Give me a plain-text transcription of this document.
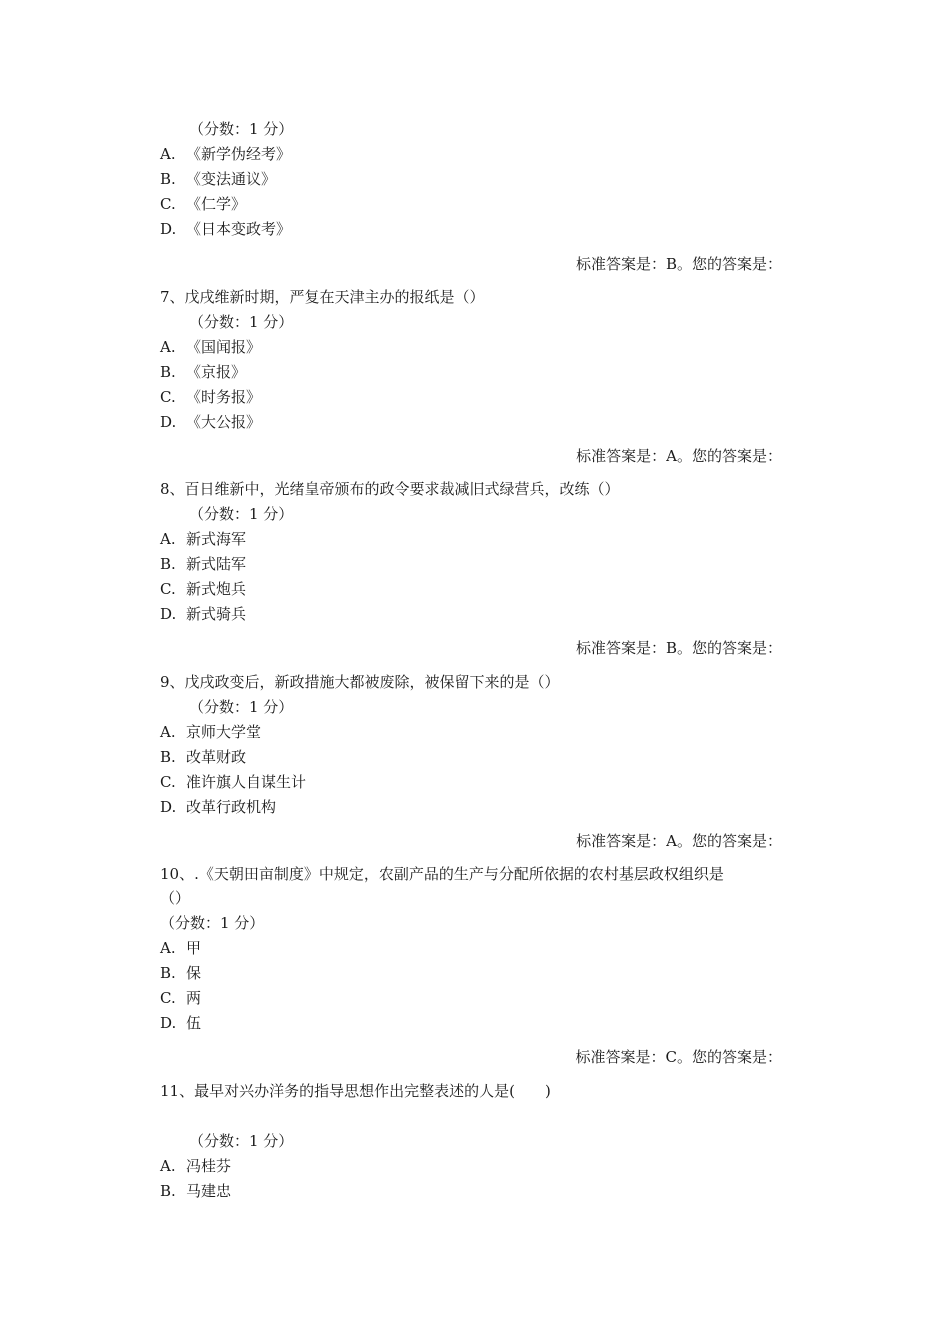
（分数：1 分）
A. 《新学伪经考》
B. 《变法通议》
C. 《仁学》
D. 《日本变政考》
标准答案是：B。您的答案是：
7、戊戌维新时期，严复在天津主办的报纸是（）
（分数：1 分）
A. 《国闻报》
B. 《京报》
C. 《时务报》
D. 《大公报》
标准答案是：A。您的答案是：
8、百日维新中，光绪皇帝颁布的政令要求裁减旧式绿营兵，改练（）
（分数：1 分）
A. 新式海军
B. 新式陆军
C. 新式炮兵
D. 新式骑兵
标准答案是：B。您的答案是：
9、戊戌政变后，新政措施大都被废除，被保留下来的是（）
（分数：1 分）
A. 京师大学堂
B. 改革财政
C. 准许旗人自谋生计
D. 改革行政机构
标准答案是：A。您的答案是：
10、.《天朝田亩制度》中规定，农副产品的生产与分配所依据的农村基层政权组织是
（）
（分数：1 分）
A. 甲
B. 保
C. 两
D. 伍
标准答案是：C。您的答案是：
11、最早对兴办洋务的指导思想作出完整表述的人是(　　)
（分数：1 分）
A. 冯桂芬
B. 马建忠
